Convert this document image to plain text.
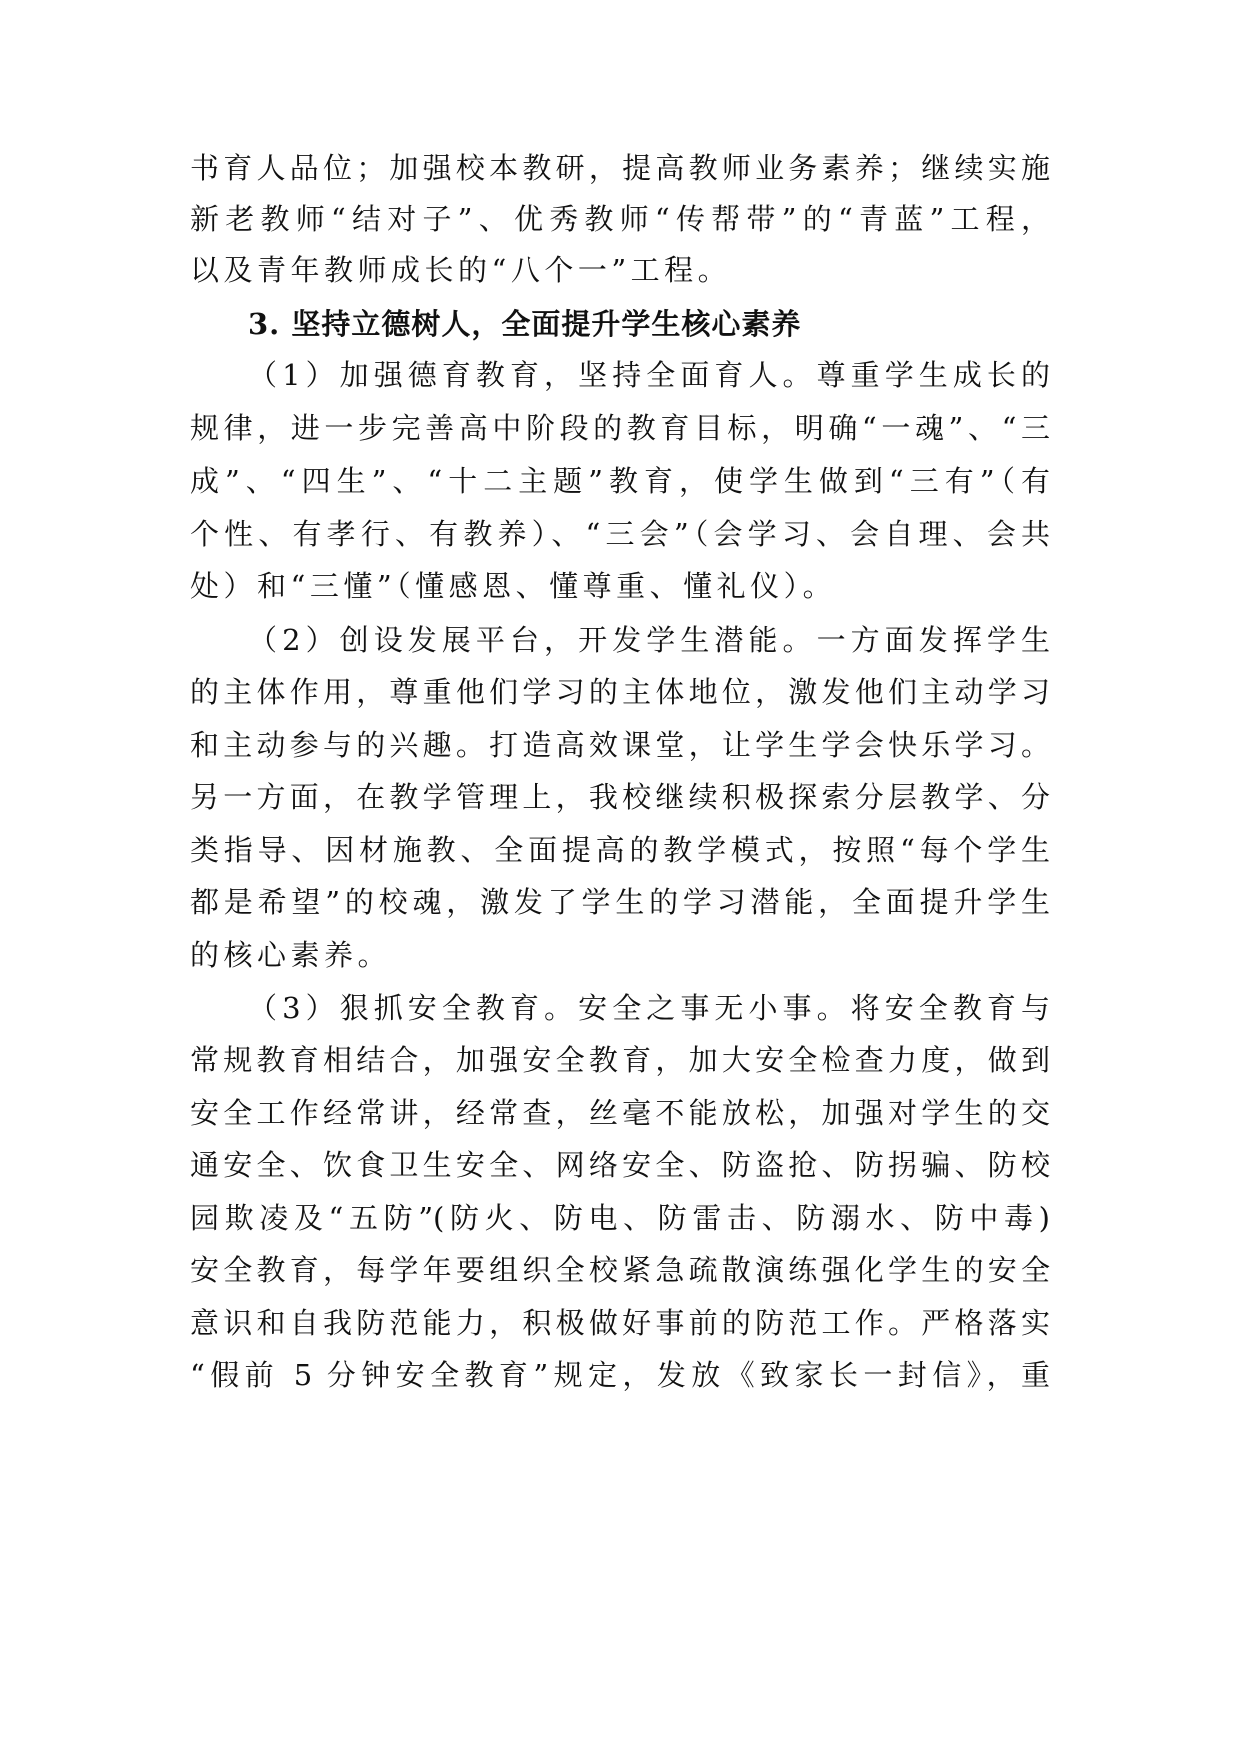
书育人品位；加强校本教研，提高教师业务素养；继续实施
新老教师“结对子”、优秀教师“传帮带”的“青蓝”工程，
以及青年教师成长的“八个一”工程。
3. 坚持立德树人，全面提升学生核心素养
（1）加强德育教育，坚持全面育人。尊重学生成长的
规律，进一步完善高中阶段的教育目标，明确“一魂”、“三
成”、“四生”、“十二主题”教育，使学生做到“三有”（有
个性、有孝行、有教养）、“三会”（会学习、会自理、会共
处）和“三懂”（懂感恩、懂尊重、懂礼仪）。
（2）创设发展平台，开发学生潜能。一方面发挥学生
的主体作用，尊重他们学习的主体地位，激发他们主动学习
和主动参与的兴趣。打造高效课堂，让学生学会快乐学习。
另一方面，在教学管理上，我校继续积极探索分层教学、分
类指导、因材施教、全面提高的教学模式，按照“每个学生
都是希望”的校魂，激发了学生的学习潜能，全面提升学生
的核心素养。
（3）狠抓安全教育。安全之事无小事。将安全教育与
常规教育相结合，加强安全教育，加大安全检查力度，做到
安全工作经常讲，经常查，丝毫不能放松，加强对学生的交
通安全、饮食卫生安全、网络安全、防盗抢、防拐骗、防校
园欺凌及“五防”(防火、防电、防雷击、防溺水、防中毒)
安全教育，每学年要组织全校紧急疏散演练强化学生的安全
意识和自我防范能力，积极做好事前的防范工作。严格落实
“假前 5 分钟安全教育”规定，发放《致家长一封信》，重
